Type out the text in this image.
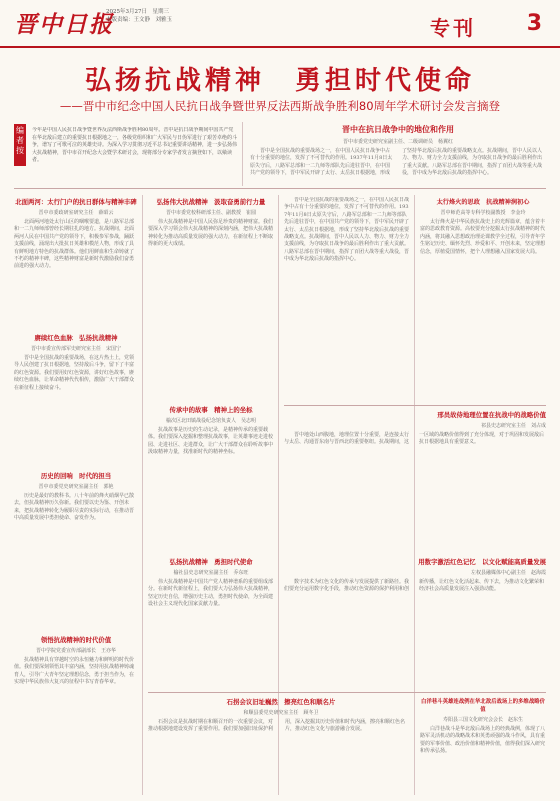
晋中日报
2025年3月27日　星期三
本版责编：王文静　刘雅玉	专刊 3
弘扬抗战精神　勇担时代使命
——晋中市纪念中国人民抗日战争暨世界反法西斯战争胜利80周年学术研讨会发言摘登
编者按

今年是中国人民抗日战争暨世界反法西斯战争胜利80周年。晋中是抗日战争期间中国共产党在华北敌后建立的重要抗日根据地之一，各级党组织和广大军民与日伪军进行了艰苦卓绝的斗争，谱写了可歌可泣的英雄史诗。为深入学习贯彻习近平总书记重要讲话精神，进一步弘扬伟大抗战精神，晋中市召开纪念大会暨学术研讨会，现将部分专家学者发言摘登如下，以飨读者。

晋中在抗日战争中的地位和作用
晋中市委党史研究室副主任、二级调研员　杨翼红

晋中是全国抗战的重要战场之一，在中国人民抗日战争中占有十分重要的地位，发挥了不可替代的作用。1937年11月8日太原失守后，八路军总部和一二九师等部队先后进驻晋中，在中国共产党的领导下，晋中军民开辟了太行、太岳抗日根据地，形成了坚持华北敌后抗战的重要战略支点。抗战期间，晋中人民以人力、物力、财力全力支援前线，为夺取抗日战争的最后胜利作出了重大贡献。八路军总部在晋中期间，指挥了百团大战等重大战役，晋中成为华北敌后抗战的指挥中心。

北面两河：太行门户的抗日群体与精神丰碑
晋中市委政研室研究主任　薛昭云

北面两河地处太行山区的咽喉要道，是八路军总部和一二九师师部曾经长期驻扎的地方。抗战期间，北面两河人民在中国共产党的领导下，积极参军参战，踊跃支援前线，涌现出大批抗日英雄和模范人物，形成了具有鲜明地方特色的抗战群体。他们用鲜血和生命铸就了不朽的精神丰碑，这些精神财富是新时代激励我们奋勇前进的强大动力。

赓续红色血脉　弘扬抗战精神
晋中市委宣传部军史研究室主任　宋国宁

晋中是全国抗战的重要战场，在这片热土上，党领导人民创建了抗日根据地，坚持敌后斗争，留下了丰富的红色资源。我们要用好红色资源，讲好红色故事，赓续红色血脉，让革命精神代代相传，激励广大干部群众在新征程上接续奋斗。

历史的回响　时代的担当
晋中市委党史研究室副主任　郭艳

历史是最好的教科书。八十年前的烽火硝烟早已散去，但抗战精神历久弥新。我们要以史为鉴、开创未来，把抗战精神转化为履职尽责的实际行动，在推动晋中高质量发展中勇担使命、奋发作为。

领悟抗战精神的时代价值
晋中学院党委宣传部副部长　王亦华

抗战精神具有穿越时空的永恒魅力和鲜明的时代价值。我们要深刻领悟其丰富内涵，坚持用抗战精神铸魂育人，引导广大青年坚定理想信念，勇于担当作为，在实现中华民族伟大复兴的征程中书写青春华章。

弘扬伟大抗战精神　汲取奋勇前行力量
晋中市委党校科研部主任、副教授　崔圆

伟大抗战精神是中国人民弥足珍贵的精神财富。我们要深入学习领会伟大抗战精神的深刻内涵，把伟大抗战精神转化为推动高质量发展的强大动力，在新征程上不断取得新的更大成绩。

传承中的故事　精神上的坐标
榆次区北田镇战役纪念馆负责人　吴志明

抗战故事是历史的生动记录，是精神传承的重要载体。我们要深入挖掘和整理抗战故事，让英雄事迹走进校园、走进社区、走进群众，让广大干部群众在聆听故事中汲取精神力量，找准新时代的精神坐标。

弘扬抗战精神　勇担时代使命
榆社县史志研究室副主任　乔东旺

伟大抗战精神是中国共产党人精神谱系的重要组成部分。在新时代新征程上，我们要大力弘扬伟大抗战精神，坚定历史自信，增强历史主动，勇担时代使命，为全面建设社会主义现代化国家贡献力量。

石拐会议旧址巍然　擦亮红色和顺名片
和顺县委党史研究室主任　顾冬卫

石拐会议是抗战时期在和顺召开的一次重要会议，对推动根据地建设发挥了重要作用。我们要加强旧址保护利用，深入挖掘其历史价值和时代内涵，擦亮和顺红色名片，推动红色文化与旅游融合发展。

太行烽火的思政　抗战精神润初心
晋中师范高等专科学校副教授　李金玲

太行烽火是中华民族抗战史上的光辉篇章，蕴含着丰富的思政教育资源。高校要充分挖掘太行抗战精神的时代内涵，将其融入思想政治理论课教学全过程，引导青年学生铭记历史、缅怀先烈、珍爱和平、开创未来，坚定理想信念，厚植爱国情怀，把个人理想融入国家发展大局。

邢员故侍地理位置在抗战中的战略价值
祁县史志研究室主任　刘占成

晋中地处山西腹地，地理位置十分重要，是连接太行与太岳、沟通晋东南与晋西北的重要枢纽。抗战期间，这一区域的战略价值得到了充分体现，对于巩固和发展敌后抗日根据地具有重要意义。

用数字激活红色记忆　以文化赋能高质量发展
左权县融媒体中心副主任　赵海霞

数字技术为红色文化的传承与发展提供了新路径。我们要充分运用数字化手段，推动红色资源的保护利用和创新传播，让红色文化活起来、传下去，为推动文化繁荣和经济社会高质量发展注入强劲动能。

白洋巷斗英雄连战例在华北敌后战场上的多维战略价值
寿阳县三国文化研究会会长　赵东生

白洋巷战斗是华北敌后战场上的经典战例，体现了八路军灵活机动的战略战术和英勇顽强的战斗作风，具有重要的军事价值、政治价值和精神价值，值得我们深入研究和传承弘扬。

晋中是全国抗战的重要战场之一，在中国人民抗日战争中占有十分重要的地位，发挥了不可替代的作用。1937年11月8日太原失守后，八路军总部和一二九师等部队先后进驻晋中，在中国共产党的领导下，晋中军民开辟了太行、太岳抗日根据地，形成了坚持华北敌后抗战的重要战略支点。抗战期间，晋中人民以人力、物力、财力全力支援前线，为夺取抗日战争的最后胜利作出了重大贡献。八路军总部在晋中期间，指挥了百团大战等重大战役，晋中成为华北敌后抗战的指挥中心。
